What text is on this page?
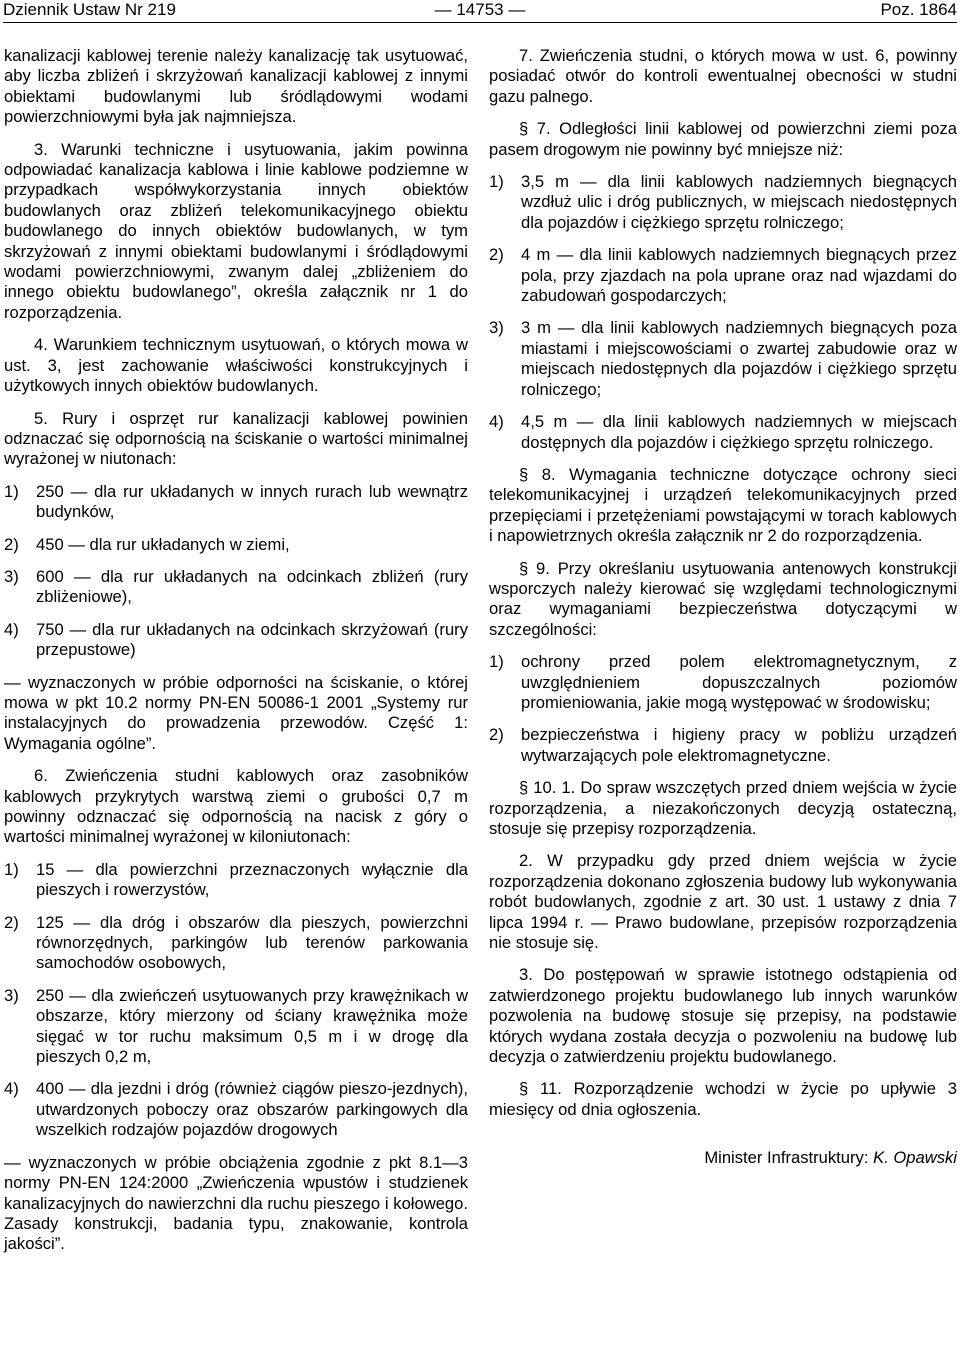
Dziennik Ustaw Nr 219	— 14753 —	Poz. 1864

kanalizacji kablowej terenie należy kanalizację tak usytuować, aby liczba zbliżeń i skrzyżowań kanalizacji kablowej z innymi obiektami budowlanymi lub śródlądowymi wodami powierzchniowymi była jak najmniejsza.

3. Warunki techniczne i usytuowania, jakim powinna odpowiadać kanalizacja kablowa i linie kablowe podziemne w przypadkach współwykorzystania innych obiektów budowlanych oraz zbliżeń telekomunikacyjnego obiektu budowlanego do innych obiektów budowlanych, w tym skrzyżowań z innymi obiektami budowlanymi i śródlądowymi wodami powierzchniowymi, zwanym dalej „zbliżeniem do innego obiektu budowlanego”, określa załącznik nr 1 do rozporządzenia.

4. Warunkiem technicznym usytuowań, o których mowa w ust. 3, jest zachowanie właściwości konstrukcyjnych i użytkowych innych obiektów budowlanych.

5. Rury i osprzęt rur kanalizacji kablowej powinien odznaczać się odpornością na ściskanie o wartości minimalnej wyrażonej w niutonach:

1)	250 — dla rur układanych w innych rurach lub wewnątrz budynków,
2)	450 — dla rur układanych w ziemi,
3)	600 — dla rur układanych na odcinkach zbliżeń (rury zbliżeniowe),
4)	750 — dla rur układanych na odcinkach skrzyżowań (rury przepustowe)

— wyznaczonych w próbie odporności na ściskanie, o której mowa w pkt 10.2 normy PN-EN 50086-1 2001 „Systemy rur instalacyjnych do prowadzenia przewodów. Część 1: Wymagania ogólne”.

6. Zwieńczenia studni kablowych oraz zasobników kablowych przykrytych warstwą ziemi o grubości 0,7 m powinny odznaczać się odpornością na nacisk z góry o wartości minimalnej wyrażonej w kiloniutonach:

1)	15 — dla powierzchni przeznaczonych wyłącznie dla pieszych i rowerzystów,
2)	125 — dla dróg i obszarów dla pieszych, powierzchni równorzędnych, parkingów lub terenów parkowania samochodów osobowych,
3)	250 — dla zwieńczeń usytuowanych przy krawężnikach w obszarze, który mierzony od ściany krawężnika może sięgać w tor ruchu maksimum 0,5 m i w drogę dla pieszych 0,2 m,
4)	400 — dla jezdni i dróg (również ciągów pieszo-jezdnych), utwardzonych poboczy oraz obszarów parkingowych dla wszelkich rodzajów pojazdów drogowych

— wyznaczonych w próbie obciążenia zgodnie z pkt 8.1—3 normy PN-EN 124:2000 „Zwieńczenia wpustów i studzienek kanalizacyjnych do nawierzchni dla ruchu pieszego i kołowego. Zasady konstrukcji, badania typu, znakowanie, kontrola jakości”.

7. Zwieńczenia studni, o których mowa w ust. 6, powinny posiadać otwór do kontroli ewentualnej obecności w studni gazu palnego.

§ 7. Odległości linii kablowej od powierzchni ziemi poza pasem drogowym nie powinny być mniejsze niż:

1)	3,5 m — dla linii kablowych nadziemnych biegnących wzdłuż ulic i dróg publicznych, w miejscach niedostępnych dla pojazdów i ciężkiego sprzętu rolniczego;
2)	4 m — dla linii kablowych nadziemnych biegnących przez pola, przy zjazdach na pola uprane oraz nad wjazdami do zabudowań gospodarczych;
3)	3 m — dla linii kablowych nadziemnych biegnących poza miastami i miejscowościami o zwartej zabudowie oraz w miejscach niedostępnych dla pojazdów i ciężkiego sprzętu rolniczego;
4)	4,5 m — dla linii kablowych nadziemnych w miejscach dostępnych dla pojazdów i ciężkiego sprzętu rolniczego.

§ 8. Wymagania techniczne dotyczące ochrony sieci telekomunikacyjnej i urządzeń telekomunikacyjnych przed przepięciami i przetężeniami powstającymi w torach kablowych i napowietrznych określa załącznik nr 2 do rozporządzenia.

§ 9. Przy określaniu usytuowania antenowych konstrukcji wsporczych należy kierować się względami technologicznymi oraz wymaganiami bezpieczeństwa dotyczącymi w szczególności:

1)	ochrony przed polem elektromagnetycznym, z uwzględnieniem dopuszczalnych poziomów promieniowania, jakie mogą występować w środowisku;
2)	bezpieczeństwa i higieny pracy w pobliżu urządzeń wytwarzających pole elektromagnetyczne.

§ 10. 1. Do spraw wszczętych przed dniem wejścia w życie rozporządzenia, a niezakończonych decyzją ostateczną, stosuje się przepisy rozporządzenia.

2. W przypadku gdy przed dniem wejścia w życie rozporządzenia dokonano zgłoszenia budowy lub wykonywania robót budowlanych, zgodnie z art. 30 ust. 1 ustawy z dnia 7 lipca 1994 r. — Prawo budowlane, przepisów rozporządzenia nie stosuje się.

3. Do postępowań w sprawie istotnego odstąpienia od zatwierdzonego projektu budowlanego lub innych warunków pozwolenia na budowę stosuje się przepisy, na podstawie których wydana została decyzja o pozwoleniu na budowę lub decyzja o zatwierdzeniu projektu budowlanego.

§ 11. Rozporządzenie wchodzi w życie po upływie 3 miesięcy od dnia ogłoszenia.

Minister Infrastruktury: K. Opawski
